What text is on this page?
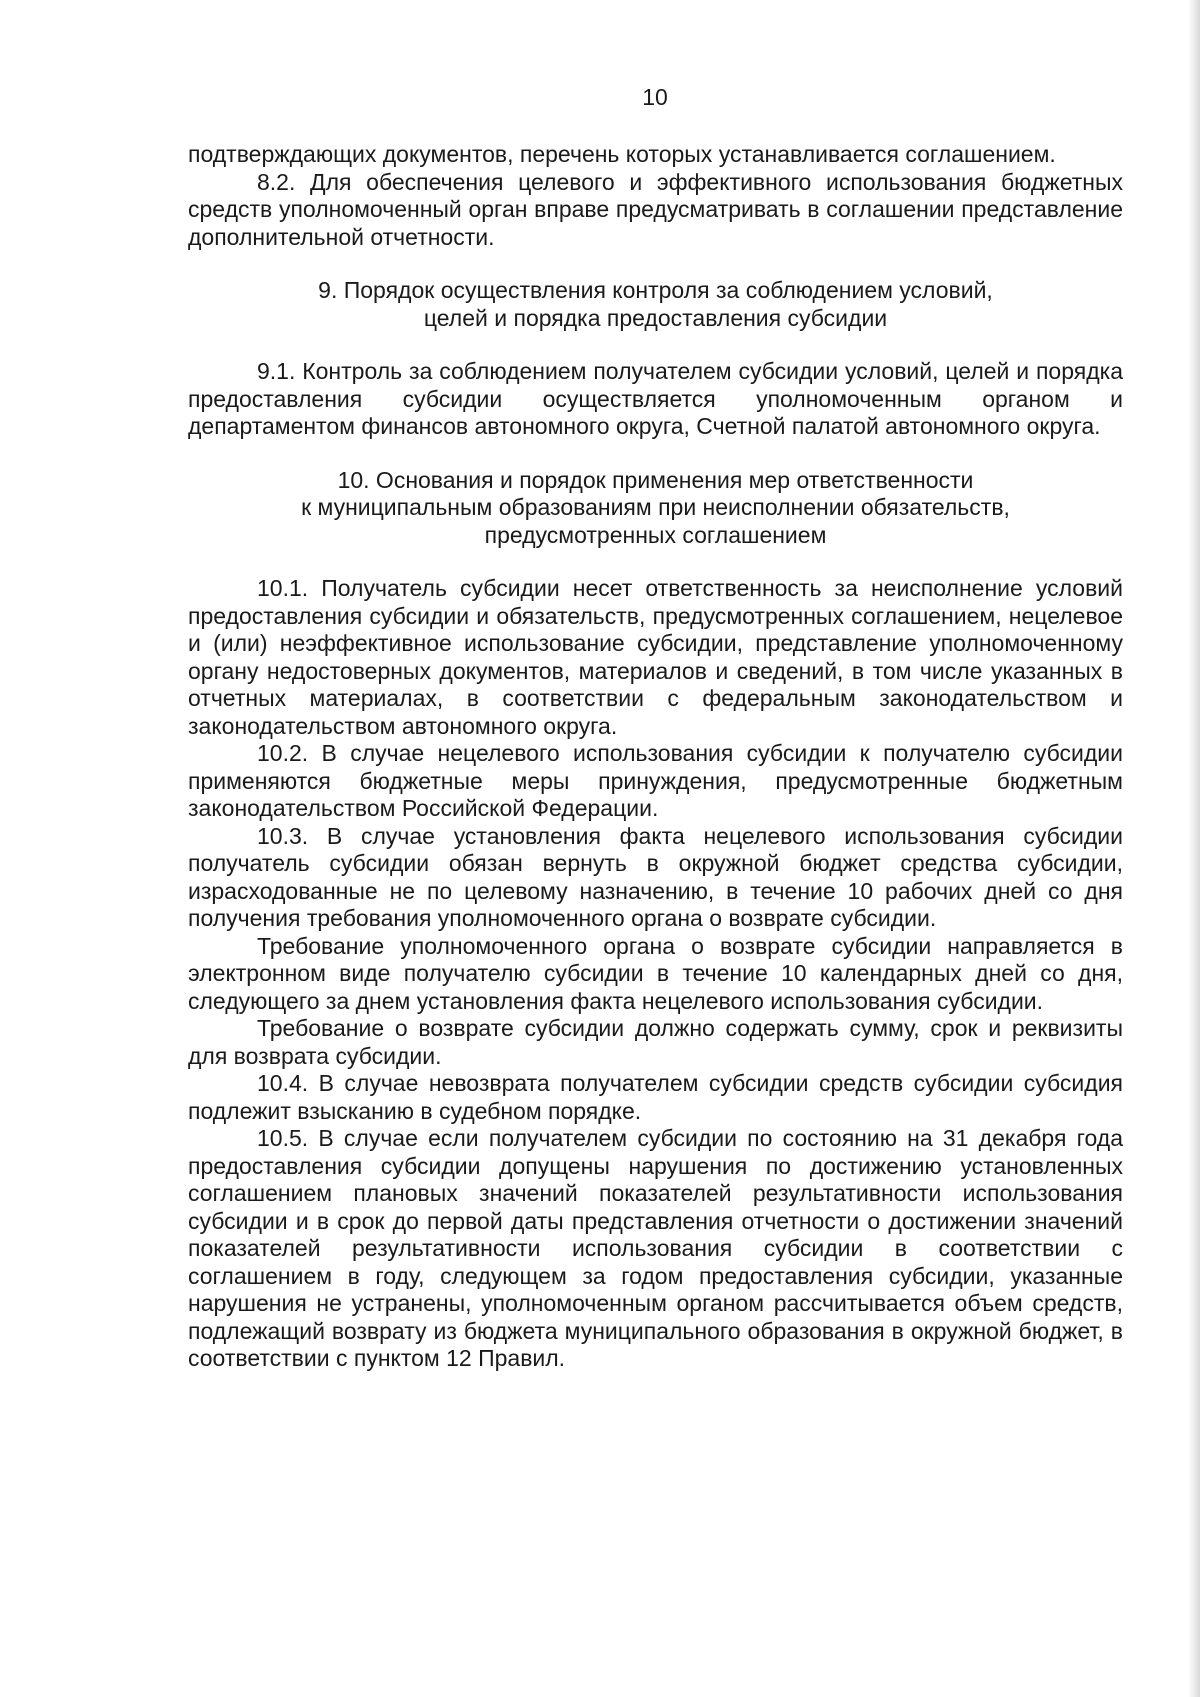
10

подтверждающих документов, перечень которых устанавливается соглашением.

8.2. Для обеспечения целевого и эффективного использования бюджетных средств уполномоченный орган вправе предусматривать в соглашении представление дополнительной отчетности.

9. Порядок осуществления контроля за соблюдением условий,

целей и порядка предоставления субсидии

9.1. Контроль за соблюдением получателем субсидии условий, целей и порядка предоставления субсидии осуществляется уполномоченным органом и департаментом финансов автономного округа, Счетной палатой автономного округа.

10. Основания и порядок применения мер ответственности

к муниципальным образованиям при неисполнении обязательств,

предусмотренных соглашением

10.1. Получатель субсидии несет ответственность за неисполнение условий предоставления субсидии и обязательств, предусмотренных соглашением, нецелевое и (или) неэффективное использование субсидии, представление уполномоченному органу недостоверных документов, материалов и сведений, в том числе указанных в отчетных материалах, в соответствии с федеральным законодательством и законодательством автономного округа.

10.2. В случае нецелевого использования субсидии к получателю субсидии применяются бюджетные меры принуждения, предусмотренные бюджетным законодательством Российской Федерации.

10.3. В случае установления факта нецелевого использования субсидии получатель субсидии обязан вернуть в окружной бюджет средства субсидии, израсходованные не по целевому назначению, в течение 10 рабочих дней со дня получения требования уполномоченного органа о возврате субсидии.

Требование уполномоченного органа о возврате субсидии направляется в электронном виде получателю субсидии в течение 10 календарных дней со дня, следующего за днем установления факта нецелевого использования субсидии.

Требование о возврате субсидии должно содержать сумму, срок и реквизиты для возврата субсидии.

10.4. В случае невозврата получателем субсидии средств субсидии субсидия подлежит взысканию в судебном порядке.

10.5. В случае если получателем субсидии по состоянию на 31 декабря года предоставления субсидии допущены нарушения по достижению установленных соглашением плановых значений показателей результативности использования субсидии и в срок до первой даты представления отчетности о достижении значений показателей результативности использования субсидии в соответствии с соглашением в году, следующем за годом предоставления субсидии, указанные нарушения не устранены, уполномоченным органом рассчитывается объем средств, подлежащий возврату из бюджета муниципального образования в окружной бюджет, в соответствии с пунктом 12 Правил.
